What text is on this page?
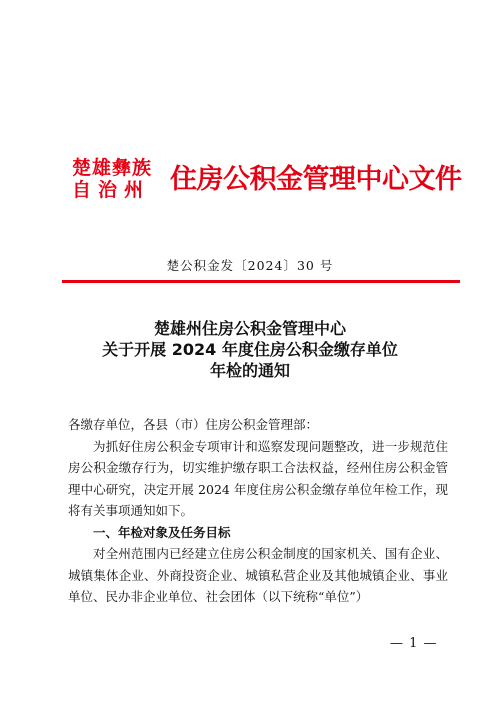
楚雄彝族
自治州 住房公积金管理中心文件
楚公积金发〔2024〕30 号
楚雄州住房公积金管理中心
关于开展 2024 年度住房公积金缴存单位
年检的通知

各缴存单位，各县（市）住房公积金管理部：

为抓好住房公积金专项审计和巡察发现问题整改，进一步规范住房公积金缴存行为，切实维护缴存职工合法权益，经州住房公积金管理中心研究，决定开展 2024 年度住房公积金缴存单位年检工作，现将有关事项通知如下。

一、年检对象及任务目标

对全州范围内已经建立住房公积金制度的国家机关、国有企业、城镇集体企业、外商投资企业、城镇私营企业及其他城镇企业、事业单位、民办非企业单位、社会团体（以下统称“单位”）

— 1 —
